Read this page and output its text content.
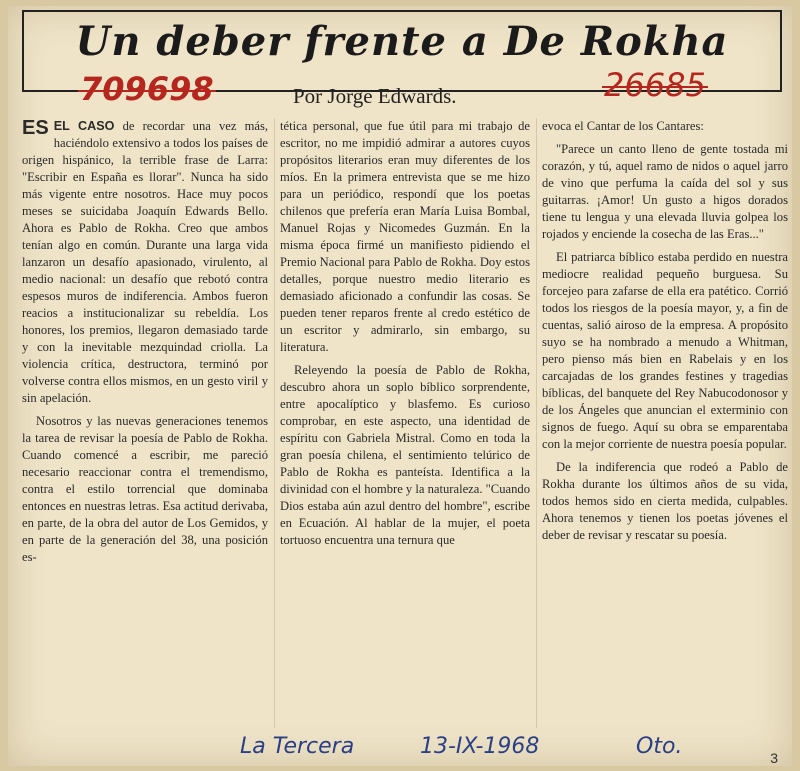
Un deber frente a De Rokha
709698	Por Jorge Edwards.	26685

ES EL CASO de recordar una vez más, haciéndolo extensivo a todos los países de origen hispánico, la terrible frase de Larra: "Escribir en España es llorar". Nunca ha sido más vigente entre nosotros. Hace muy pocos meses se suicidaba Joaquín Edwards Bello. Ahora es Pablo de Rokha. Creo que ambos tenían algo en común. Durante una larga vida lanzaron un desafío apasionado, virulento, al medio nacional: un desafío que rebotó contra espesos muros de indiferencia. Ambos fueron reacios a institucionalizar su rebeldía. Los honores, los premios, llegaron demasiado tarde y con la inevitable mezquindad criolla. La violencia crítica, destructora, terminó por volverse contra ellos mismos, en un gesto viril y sin apelación.

Nosotros y las nuevas generaciones tenemos la tarea de revisar la poesía de Pablo de Rokha. Cuando comencé a escribir, me pareció necesario reaccionar contra el tremendismo, contra el estilo torrencial que dominaba entonces en nuestras letras. Esa actitud derivaba, en parte, de la obra del autor de Los Gemidos, y en parte de la generación del 38, una posición es-

tética personal, que fue útil para mi trabajo de escritor, no me impidió admirar a autores cuyos propósitos literarios eran muy diferentes de los míos. En la primera entrevista que se me hizo para un periódico, respondí que los poetas chilenos que prefería eran María Luisa Bombal, Manuel Rojas y Nicomedes Guzmán. En la misma época firmé un manifiesto pidiendo el Premio Nacional para Pablo de Rokha. Doy estos detalles, porque nuestro medio literario es demasiado aficionado a confundir las cosas. Se pueden tener reparos frente al credo estético de un escritor y admirarlo, sin embargo, su literatura.

Releyendo la poesía de Pablo de Rokha, descubro ahora un soplo bíblico sorprendente, entre apocalíptico y blasfemo. Es curioso comprobar, en este aspecto, una identidad de espíritu con Gabriela Mistral. Como en toda la gran poesía chilena, el sentimiento telúrico de Pablo de Rokha es panteísta. Identifica a la divinidad con el hombre y la naturaleza. "Cuando Dios estaba aún azul dentro del hombre", escribe en Ecuación. Al hablar de la mujer, el poeta tortuoso encuentra una ternura que

evoca el Cantar de los Cantares:

"Parece un canto lleno de gente tostada mi corazón, y tú, aquel ramo de nidos o aquel jarro de vino que perfuma la caída del sol y sus guitarras. ¡Amor! Un gusto a higos dorados tiene tu lengua y una elevada lluvia golpea los rojados y enciende la cosecha de las Eras..."

El patriarca bíblico estaba perdido en nuestra mediocre realidad pequeño burguesa. Su forcejeo para zafarse de ella era patético. Corrió todos los riesgos de la poesía mayor, y, a fin de cuentas, salió airoso de la empresa. A propósito suyo se ha nombrado a menudo a Whitman, pero pienso más bien en Rabelais y en los carcajadas de los grandes festines y tragedias bíblicas, del banquete del Rey Nabucodonosor y de los Ángeles que anuncian el exterminio con signos de fuego. Aquí su obra se emparentaba con la mejor corriente de nuestra poesía popular.

De la indiferencia que rodeó a Pablo de Rokha durante los últimos años de su vida, todos hemos sido en cierta medida, culpables. Ahora tenemos y tienen los poetas jóvenes el deber de revisar y rescatar su poesía.

La Tercera	13-IX-1968	Oto.	3
